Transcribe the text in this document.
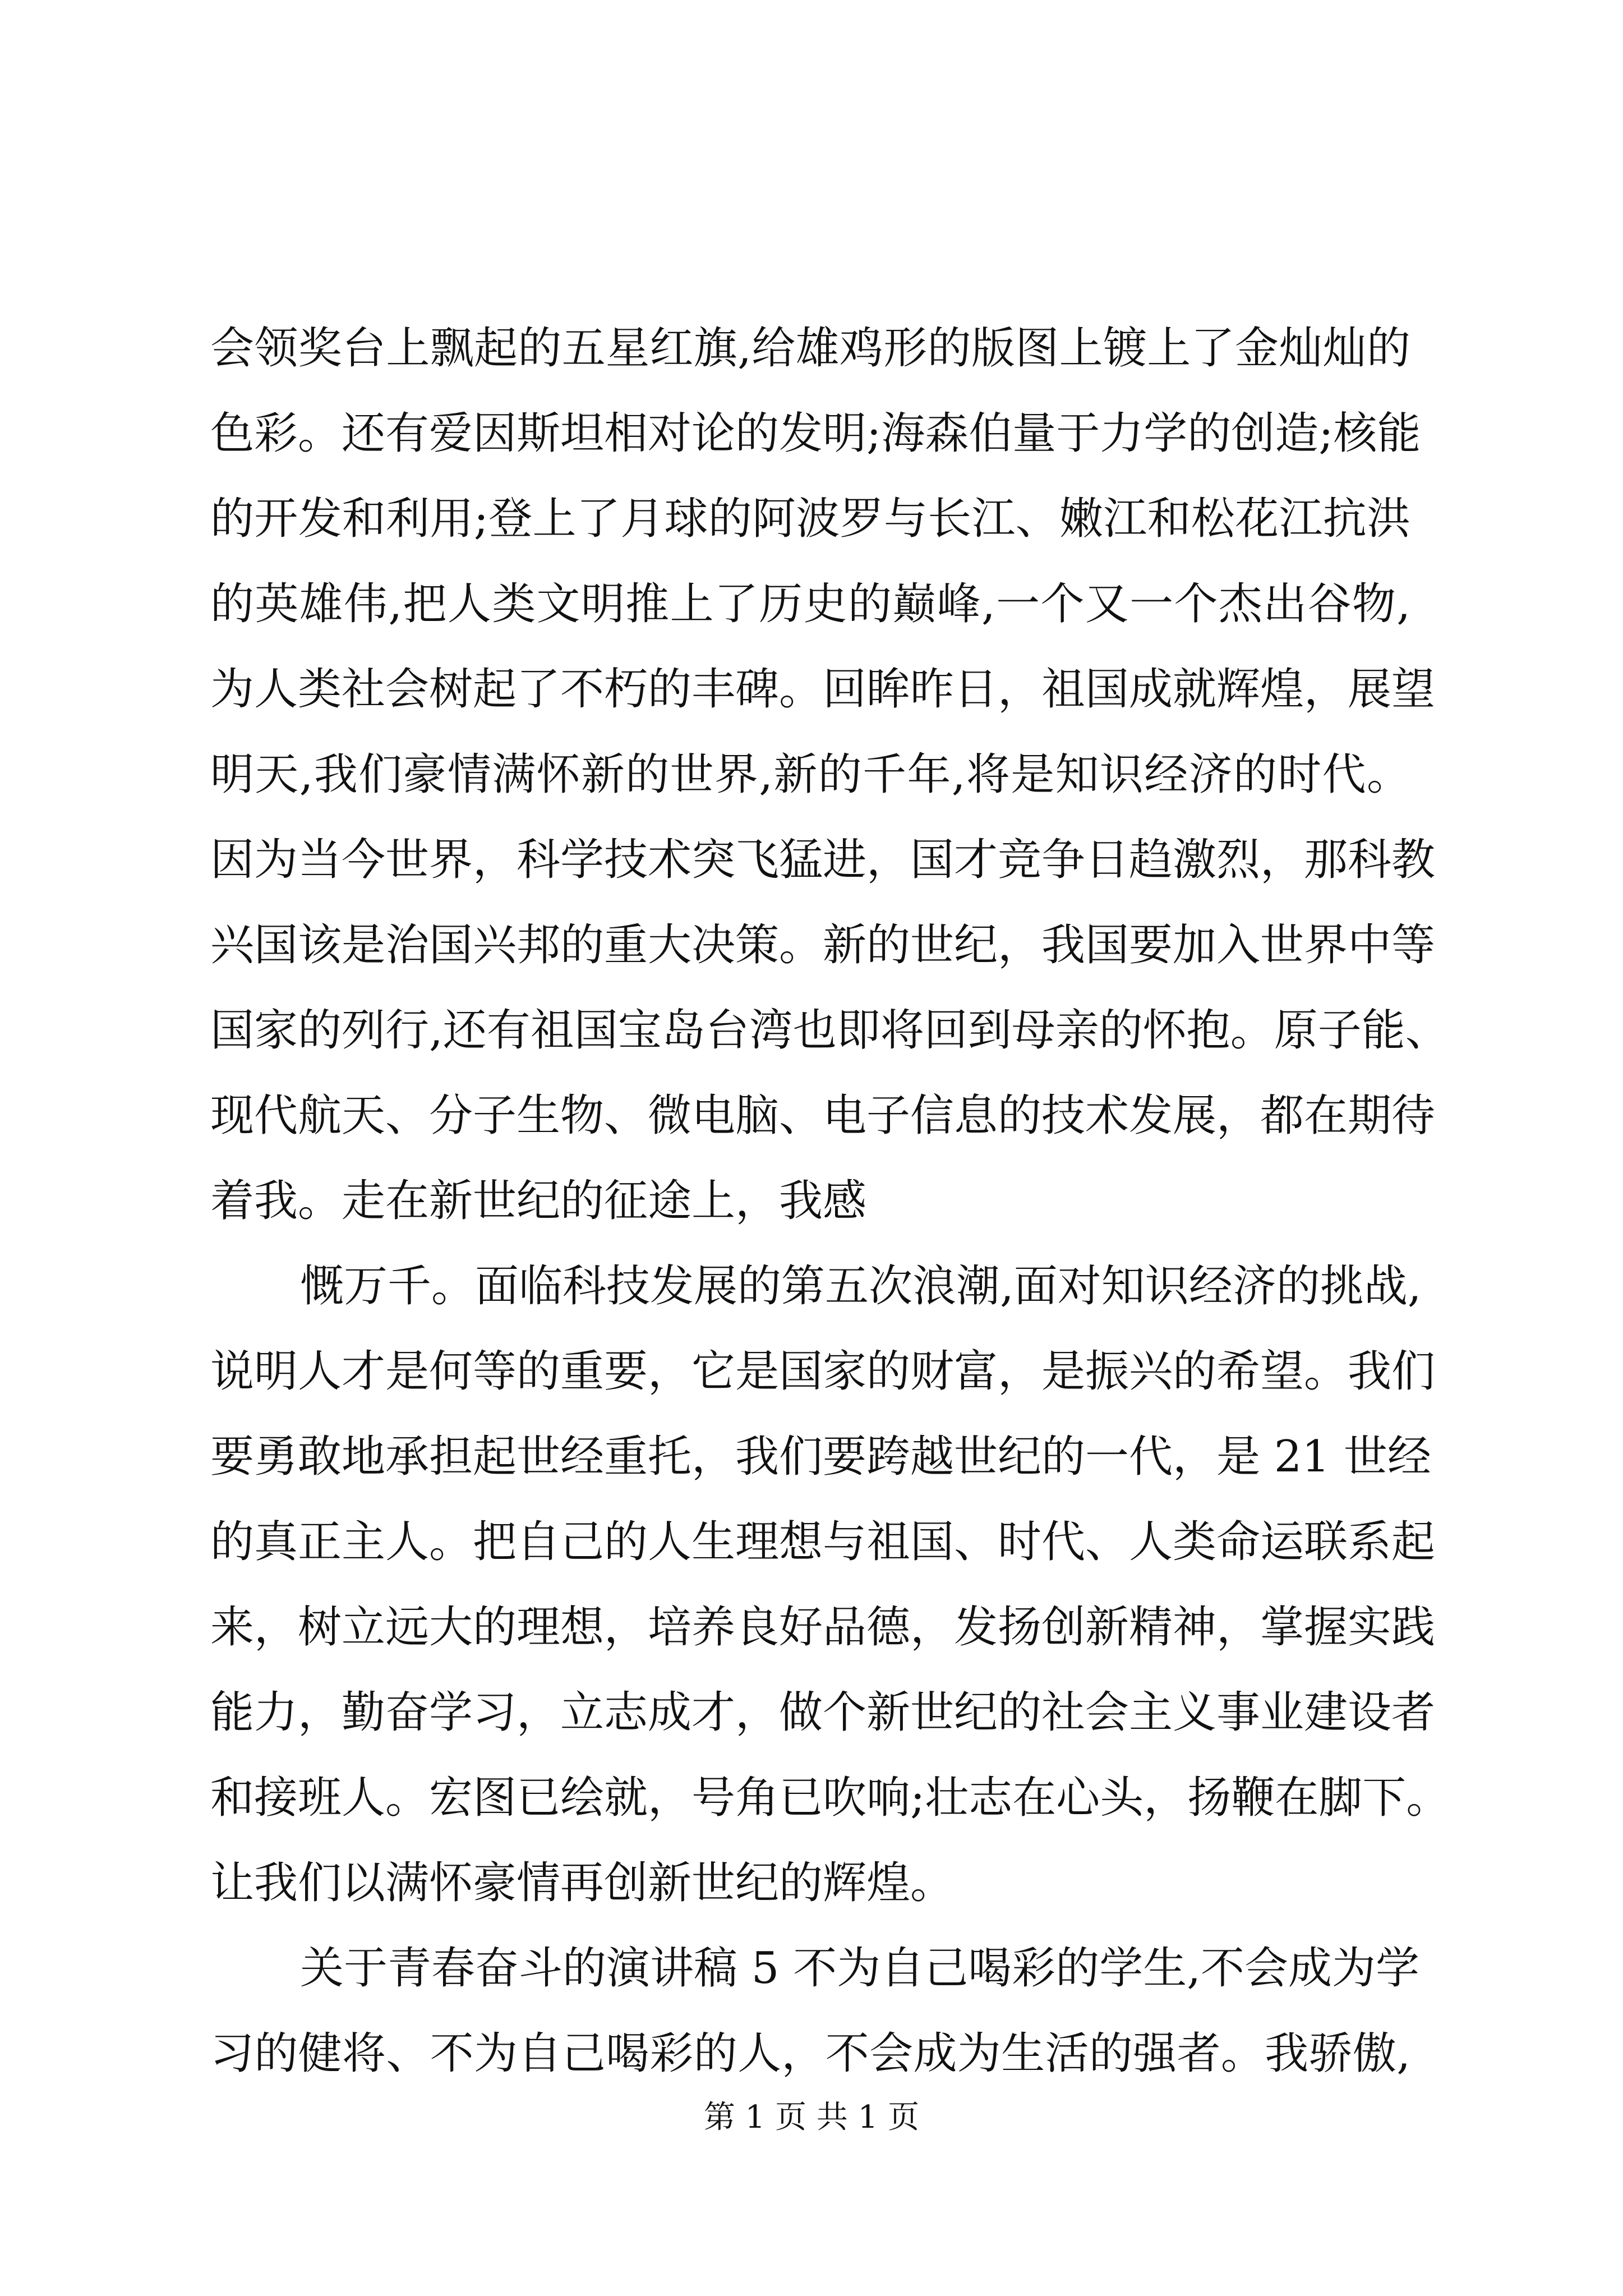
会领奖台上飘起的五星红旗,给雄鸡形的版图上镀上了金灿灿的
色彩。还有爱因斯坦相对论的发明;海森伯量于力学的创造;核能
的开发和利用;登上了月球的阿波罗与长江、嫩江和松花江抗洪
的英雄伟,把人类文明推上了历史的巅峰,一个又一个杰出谷物,
为人类社会树起了不朽的丰碑。回眸昨日，祖国成就辉煌，展望
明天,我们豪情满怀新的世界,新的千年,将是知识经济的时代。
因为当今世界，科学技术突飞猛进，国才竞争日趋激烈，那科教
兴国该是治国兴邦的重大决策。新的世纪，我国要加入世界中等
国家的列行,还有祖国宝岛台湾也即将回到母亲的怀抱。原子能、
现代航天、分子生物、微电脑、电子信息的技术发展，都在期待
着我。走在新世纪的征途上，我感
慨万千。面临科技发展的第五次浪潮,面对知识经济的挑战,
说明人才是何等的重要，它是国家的财富，是振兴的希望。我们
要勇敢地承担起世经重托，我们要跨越世纪的一代，是 21 世经
的真正主人。把自己的人生理想与祖国、时代、人类命运联系起
来，树立远大的理想，培养良好品德，发扬创新精神，掌握实践
能力，勤奋学习，立志成才，做个新世纪的社会主义事业建设者
和接班人。宏图已绘就，号角已吹响;壮志在心头，扬鞭在脚下。
让我们以满怀豪情再创新世纪的辉煌。
关于青春奋斗的演讲稿 5 不为自己喝彩的学生,不会成为学
习的健将、不为自己喝彩的人，不会成为生活的强者。我骄傲,
第 1 页 共 1 页
